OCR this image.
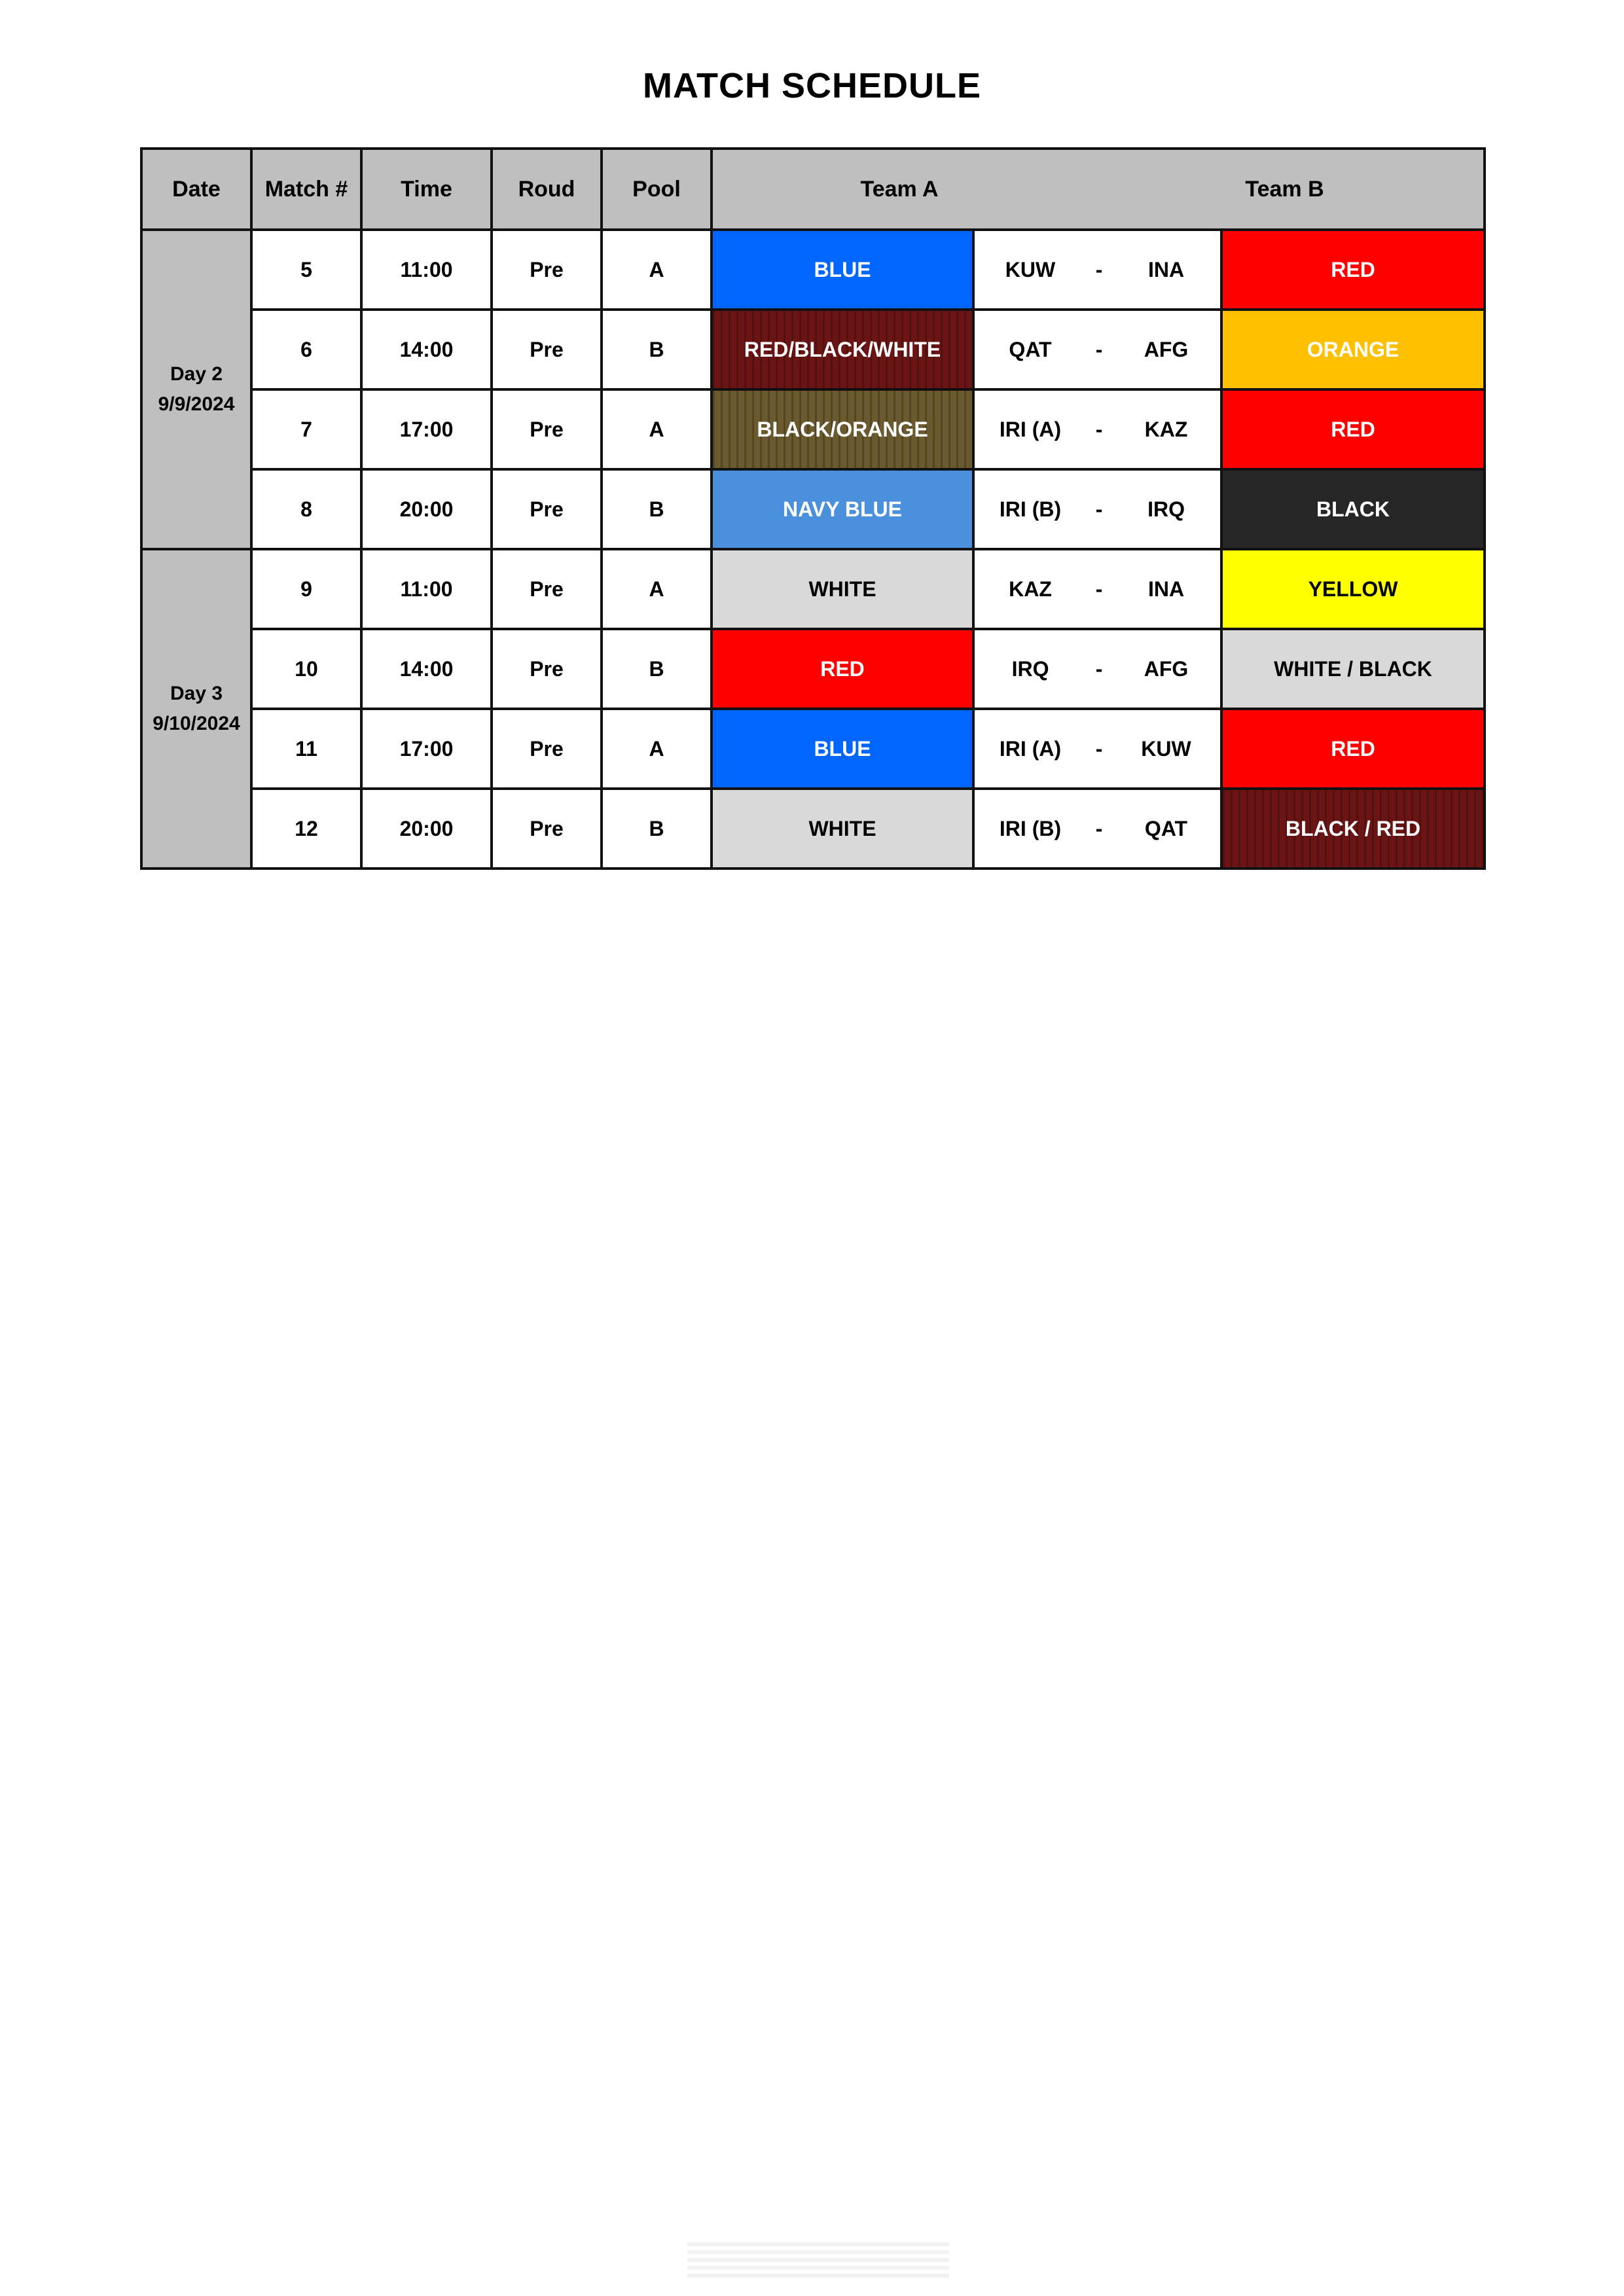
MATCH SCHEDULE
Date	Match #	Time	Roud	Pool	Team A		Team B		

Day 2
9/9/2024	5	11:00	Pre	A	BLUE	KUW	-	INA	RED
	6	14:00	Pre	B	RED/BLACK/WHITE	QAT	-	AFG	ORANGE
	7	17:00	Pre	A	BLACK/ORANGE	IRI (A)	-	KAZ	RED
	8	20:00	Pre	B	NAVY BLUE	IRI (B)	-	IRQ	BLACK

Day 3
9/10/2024	9	11:00	Pre	A	WHITE	KAZ	-	INA	YELLOW
	10	14:00	Pre	B	RED	IRQ	-	AFG	WHITE / BLACK
	11	17:00	Pre	A	BLUE	IRI (A)	-	KUW	RED
	12	20:00	Pre	B	WHITE	IRI (B)	-	QAT	BLACK / RED
